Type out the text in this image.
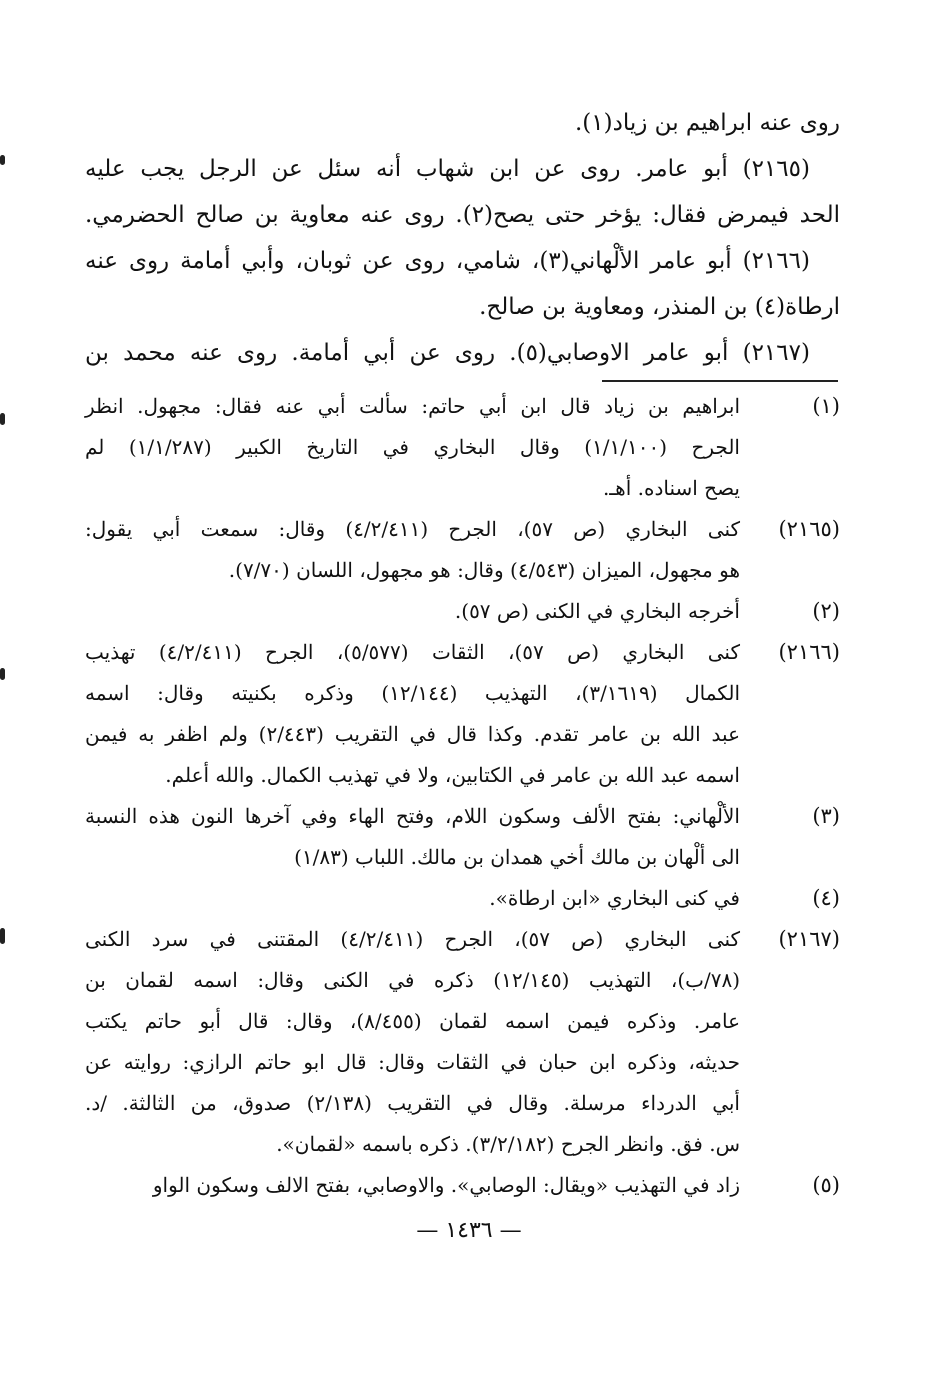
روى عنه ابراهيم بن زياد(١).
(٢١٦٥) أبو عامر. روى عن ابن شهاب أنه سئل عن الرجل يجب عليه
الحد فيمرض فقال: يؤخر حتى يصح(٢). روى عنه معاوية بن صالح الحضرمي.
(٢١٦٦) أبو عامر الألْهاني(٣)، شامي، روى عن ثوبان، وأبي أمامة روى عنه
ارطاة(٤) بن المنذر، ومعاوية بن صالح.
(٢١٦٧) أبو عامر الاوصابي(٥). روى عن أبي أمامة. روى عنه محمد بن
(١)
ابراهيم بن زياد قال ابن أبي حاتم: سألت أبي عنه فقال: مجهول. انظر
الجرح (١/١/١٠٠) وقال البخاري في التاريخ الكبير (١/١/٢٨٧) لم
يصح اسناده. أهـ.
(٢١٦٥)
كنى البخاري (ص ٥٧)، الجرح (٤/٢/٤١١) وقال: سمعت أبي يقول:
هو مجهول، الميزان (٤/٥٤٣) وقال: هو مجهول، اللسان (٧/٧٠).
(٢)
أخرجه البخاري في الكنى (ص ٥٧).
(٢١٦٦)
كنى البخاري (ص ٥٧)، الثقات (٥/٥٧٧)، الجرح (٤/٢/٤١١) تهذيب
الكمال (٣/١٦١٩)، التهذيب (١٢/١٤٤) وذكره بكنيته وقال: اسمه
عبد الله بن عامر تقدم. وكذا قال في التقريب (٢/٤٤٣) ولم اظفر به فيمن
اسمه عبد الله بن عامر في الكتابين، ولا في تهذيب الكمال. والله أعلم.
(٣)
الألْهاني: بفتح الألف وسكون اللام، وفتح الهاء وفي آخرها النون هذه النسبة
الى ألْهان بن مالك أخي همدان بن مالك. اللباب (١/٨٣)
(٤)
في كنى البخاري «ابن ارطاة».
(٢١٦٧)
كنى البخاري (ص ٥٧)، الجرح (٤/٢/٤١١) المقتنى في سرد الكنى
(٧٨/ب)، التهذيب (١٢/١٤٥) ذكره في الكنى وقال: اسمه لقمان بن
عامر. وذكره فيمن اسمه لقمان (٨/٤٥٥)، وقال: قال أبو حاتم يكتب
حديثه، وذكره ابن حبان في الثقات وقال: قال ابو حاتم الرازي: روايته عن
أبي الدرداء مرسلة. وقال في التقريب (٢/١٣٨) صدوق، من الثالثة. /د.
س. فق. وانظر الجرح (٣/٢/١٨٢). ذكره باسمه «لقمان».
(٥)
زاد في التهذيب «ويقال: الوصابي». والاوصابي، بفتح الالف وسكون الواو
— ١٤٣٦ —
